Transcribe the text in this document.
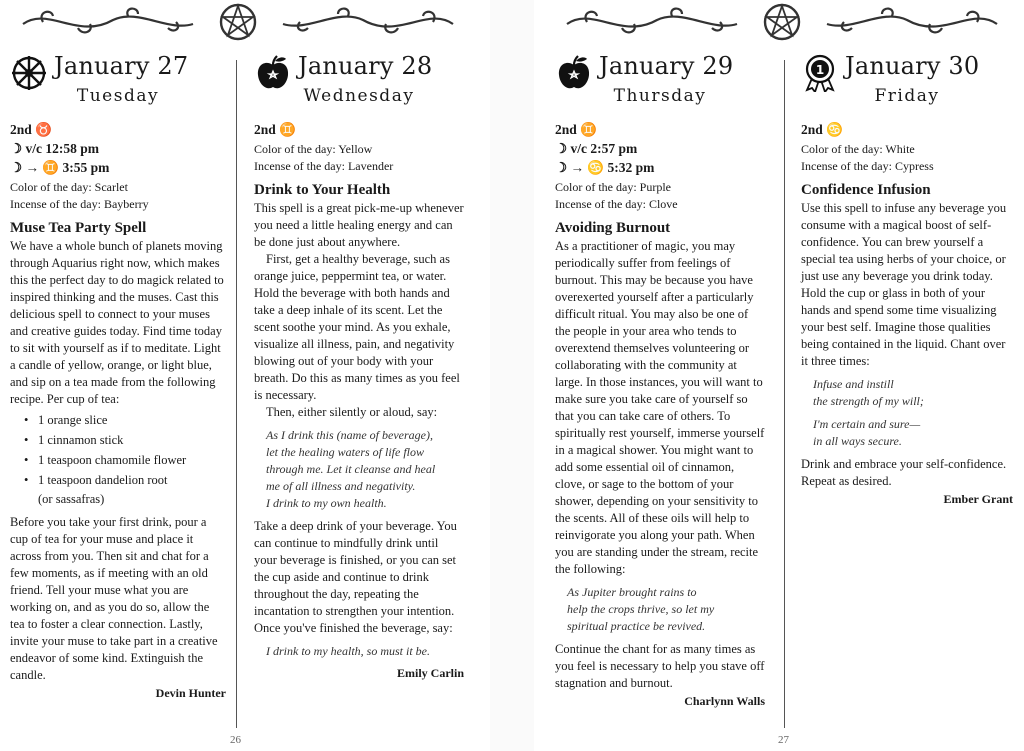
January 27
Tuesday
2nd ♉
☽ v/c 12:58 pm
☽ → ♊ 3:55 pm
Color of the day: Scarlet
Incense of the day: Bayberry
Muse Tea Party Spell

We have a whole bunch of planets moving through Aquarius right now, which makes this the perfect day to do magick related to inspired thinking and the muses. Cast this delicious spell to connect to your muses and creative guides today. Find time today to sit with yourself as if to meditate. Light a candle of yellow, orange, or light blue, and sip on a tea made from the following recipe. Per cup of tea:

• 1 orange slice
• 1 cinnamon stick
• 1 teaspoon chamomile flower
• 1 teaspoon dandelion root
(or sassafras)

Before you take your first drink, pour a cup of tea for your muse and place it across from you. Then sit and chat for a few moments, as if meeting with an old friend. Tell your muse what you are working on, and as you do so, allow the tea to foster a clear connection. Lastly, invite your muse to take part in a creative endeavor of some kind. Extinguish the candle.

Devin Hunter
January 28
Wednesday
2nd ♊
Color of the day: Yellow
Incense of the day: Lavender
Drink to Your Health

This spell is a great pick-me-up whenever you need a little healing energy and can be done just about anywhere.

First, get a healthy beverage, such as orange juice, peppermint tea, or water. Hold the beverage with both hands and take a deep inhale of its scent. Let the scent soothe your mind. As you exhale, visualize all illness, pain, and negativity blowing out of your body with your breath. Do this as many times as you feel is necessary.

Then, either silently or aloud, say:

As I drink this (name of beverage),
let the healing waters of life flow
through me. Let it cleanse and heal
me of all illness and negativity.
I drink to my own health.

Take a deep drink of your beverage. You can continue to mindfully drink until your beverage is finished, or you can set the cup aside and continue to drink throughout the day, repeating the incantation to strengthen your intention. Once you've finished the beverage, say:

I drink to my health, so must it be.
Emily Carlin
26
January 29
Thursday
2nd ♊
☽ v/c 2:57 pm
☽ → ♋ 5:32 pm
Color of the day: Purple
Incense of the day: Clove
Avoiding Burnout

As a practitioner of magic, you may periodically suffer from feelings of burnout. This may be because you have overexerted yourself after a particularly difficult ritual. You may also be one of the people in your area who tends to overextend themselves volunteering or collaborating with the community at large. In those instances, you will want to make sure you take care of yourself so that you can take care of others. To spiritually rest yourself, immerse yourself in a magical shower. You might want to add some essential oil of cinnamon, clove, or sage to the bottom of your shower, depending on your sensitivity to the scents. All of these oils will help to reinvigorate you along your path. When you are standing under the stream, recite the following:

As Jupiter brought rains to
help the crops thrive, so let my
spiritual practice be revived.

Continue the chant for as many times as you feel is necessary to help you stave off stagnation and burnout.

Charlynn Walls
1 January 30
Friday
2nd ♋
Color of the day: White
Incense of the day: Cypress
Confidence Infusion

Use this spell to infuse any beverage you consume with a magical boost of self-confidence. You can brew yourself a special tea using herbs of your choice, or just use any beverage you drink today. Hold the cup or glass in both of your hands and spend some time visualizing your best self. Imagine those qualities being contained in the liquid. Chant over it three times:

Infuse and instill
the strength of my will;
I'm certain and sure—
in all ways secure.

Drink and embrace your self-confidence. Repeat as desired.

Ember Grant
27
